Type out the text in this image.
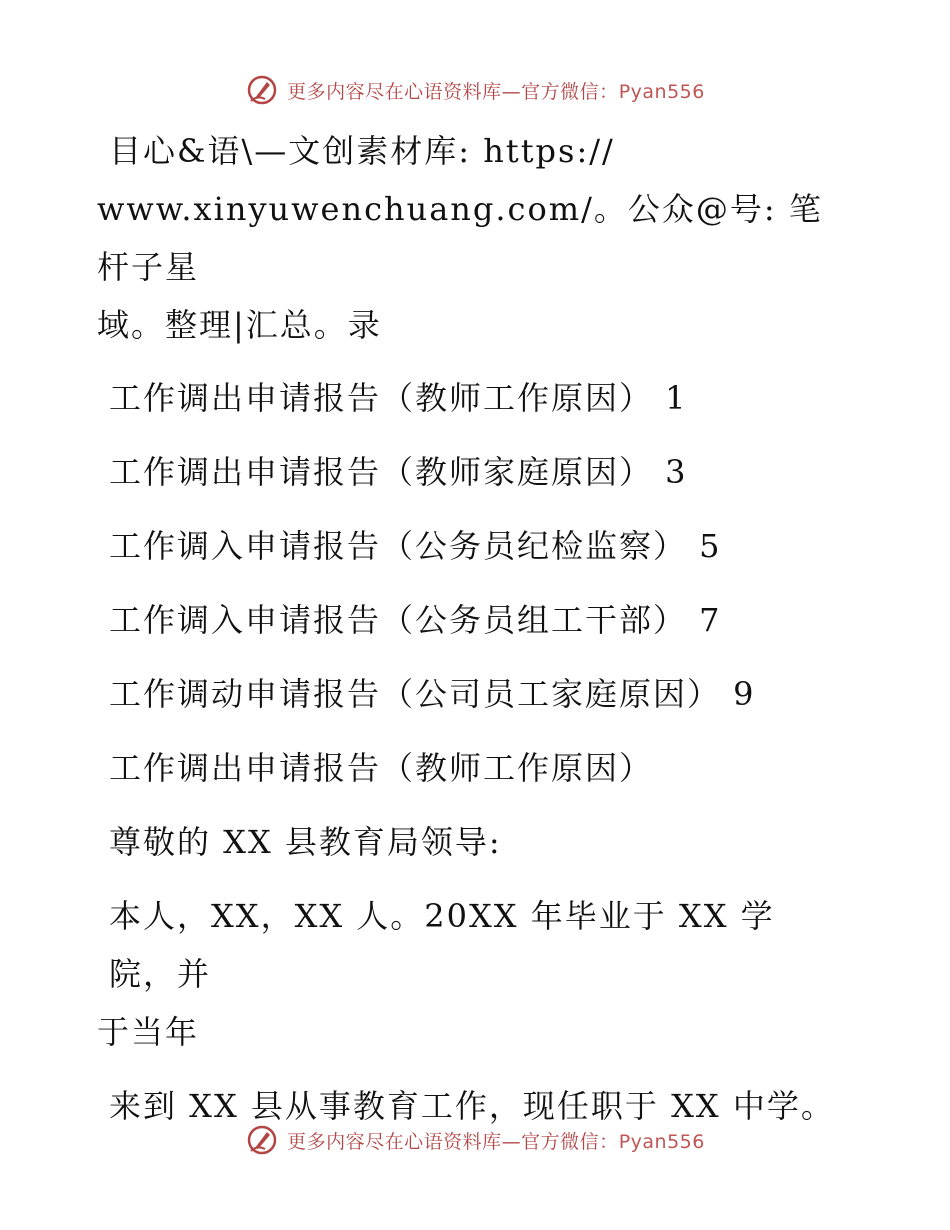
更多内容尽在心语资料库—官方微信：Pyan556

目心&语\—文创素材库: https://

www.xinyuwenchuang.com/。公众@号: 笔杆子星

域。整理|汇总。录

工作调出申请报告（教师工作原因） 1

工作调出申请报告（教师家庭原因） 3

工作调入申请报告（公务员纪检监察） 5

工作调入申请报告（公务员组工干部） 7

工作调动申请报告（公司员工家庭原因） 9

工作调出申请报告（教师工作原因）

尊敬的 XX 县教育局领导:

本人，XX，XX 人。20XX 年毕业于 XX 学院，并

于当年

来到 XX 县从事教育工作，现任职于 XX 中学。

更多内容尽在心语资料库—官方微信：Pyan556
